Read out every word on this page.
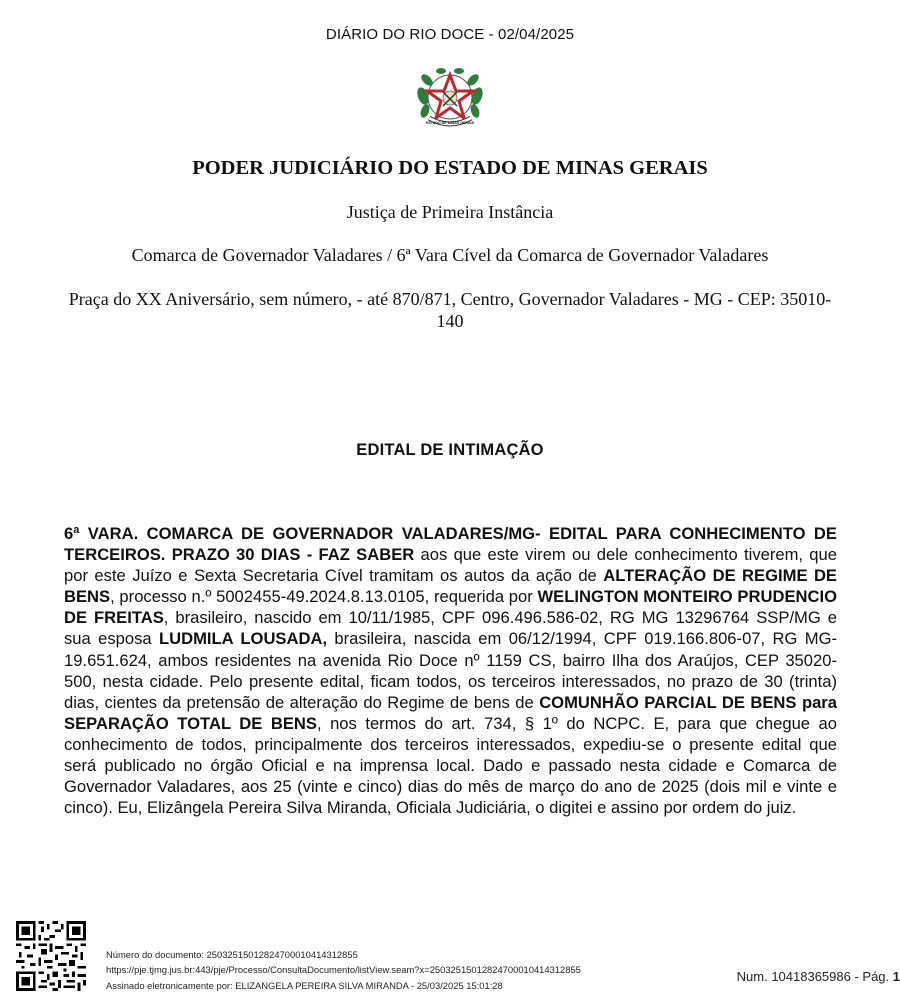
DIÁRIO DO RIO DOCE - 02/04/2025
ESTADO DE MINAS GERAIS
PODER JUDICIÁRIO DO ESTADO DE MINAS GERAIS
Justiça de Primeira Instância
Comarca de Governador Valadares / 6ª Vara Cível da Comarca de Governador Valadares
Praça do XX Aniversário, sem número, - até 870/871, Centro, Governador Valadares - MG - CEP: 35010-140
EDITAL DE INTIMAÇÃO
6ª VARA. COMARCA DE GOVERNADOR VALADARES/MG- EDITAL PARA CONHECIMENTO DE TERCEIROS. PRAZO 30 DIAS - FAZ SABER aos que este virem ou dele conhecimento tiverem, que por este Juízo e Sexta Secretaria Cível tramitam os autos da ação de ALTERAÇÃO DE REGIME DE BENS, processo n.º 5002455-49.2024.8.13.0105, requerida por WELINGTON MONTEIRO PRUDENCIO DE FREITAS, brasileiro, nascido em 10/11/1985, CPF 096.496.586-02, RG MG 13296764 SSP/MG e sua esposa LUDMILA LOUSADA, brasileira, nascida em 06/12/1994, CPF 019.166.806-07, RG MG- 19.651.624, ambos residentes na avenida Rio Doce nº 1159 CS, bairro Ilha dos Araújos, CEP 35020-500, nesta cidade. Pelo presente edital, ficam todos, os terceiros interessados, no prazo de 30 (trinta) dias, cientes da pretensão de alteração do Regime de bens de COMUNHÃO PARCIAL DE BENS para SEPARAÇÃO TOTAL DE BENS, nos termos do art. 734, § 1º do NCPC. E, para que chegue ao conhecimento de todos, principalmente dos terceiros interessados, expediu-se o presente edital que será publicado no órgão Oficial e na imprensa local. Dado e passado nesta cidade e Comarca de Governador Valadares, aos 25 (vinte e cinco) dias do mês de março do ano de 2025 (dois mil e vinte e cinco). Eu, Elizângela Pereira Silva Miranda, Oficiala Judiciária, o digitei e assino por ordem do juiz.
Número do documento: 25032515012824700010414312855
https://pje.tjmg.jus.br:443/pje/Processo/ConsultaDocumento/listView.seam?x=25032515012824700010414312855
Assinado eletronicamente por: ELIZANGELA PEREIRA SILVA MIRANDA - 25/03/2025 15:01:28
Num. 10418365986 - Pág. 1
